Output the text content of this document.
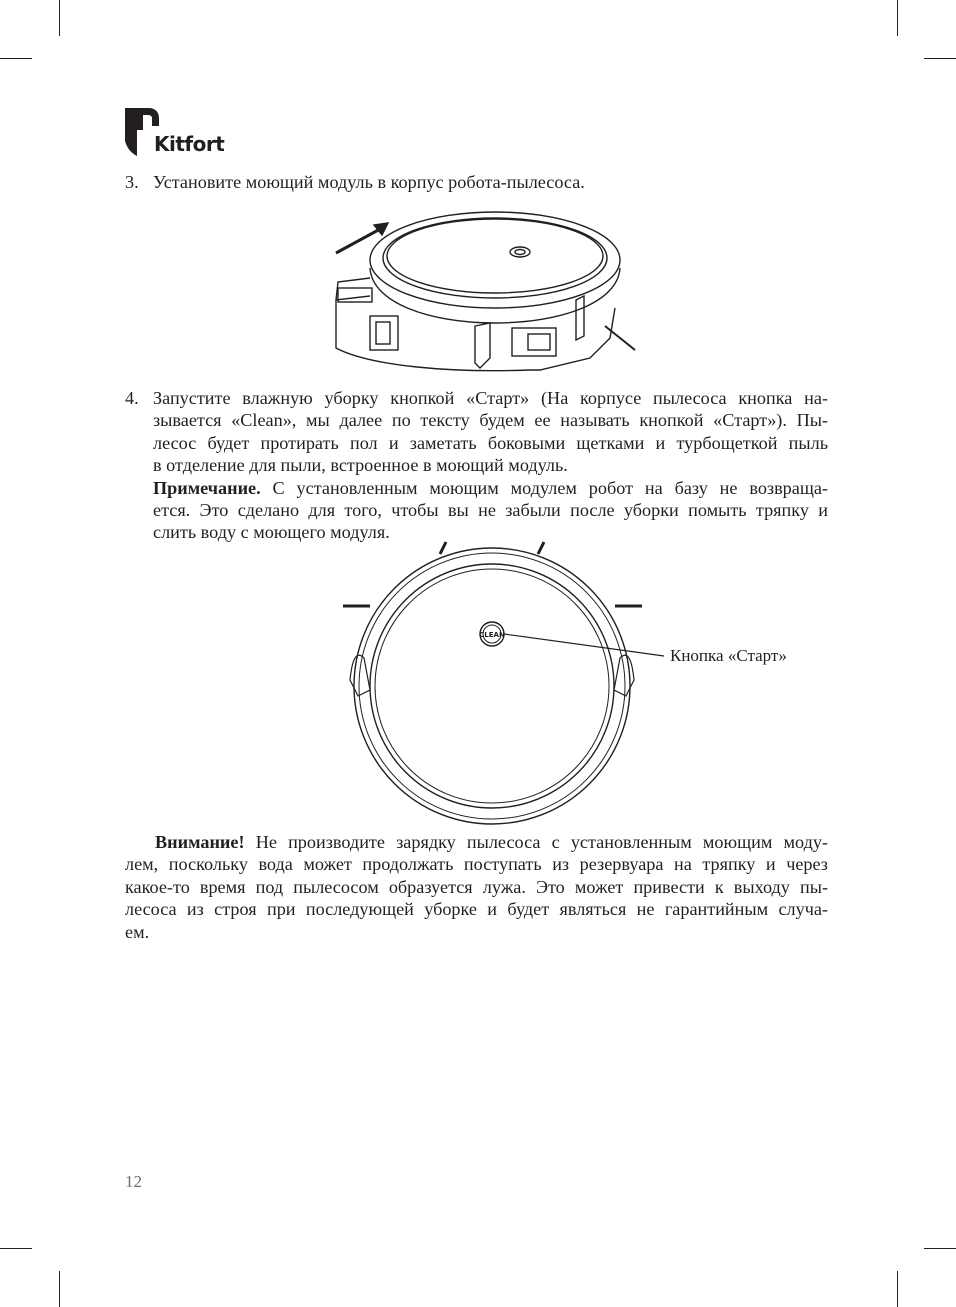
Kitfort
3. Установите моющий модуль в корпус робота-пылесоса.
4. Запустите влажную уборку кнопкой «Старт» (На корпусе пылесоса кнопка на-
зывается «Clean», мы далее по тексту будем ее называть кнопкой «Старт»). Пы-
лесос будет протирать пол и заметать боковыми щетками и турбощеткой пыль
в отделение для пыли, встроенное в моющий модуль.
Примечание. С установленным моющим модулем робот на базу не возвраща-
ется. Это сделано для того, чтобы вы не забыли после уборки помыть тряпку и
слить воду с моющего модуля.
CLEAN
Кнопка «Старт»
Внимание! Не производите зарядку пылесоса с установленным моющим моду-
лем, поскольку вода может продолжать поступать из резервуара на тряпку и через
какое-то время под пылесосом образуется лужа. Это может привести к выходу пы-
лесоса из строя при последующей уборке и будет являться не гарантийным случа-
ем.
12
